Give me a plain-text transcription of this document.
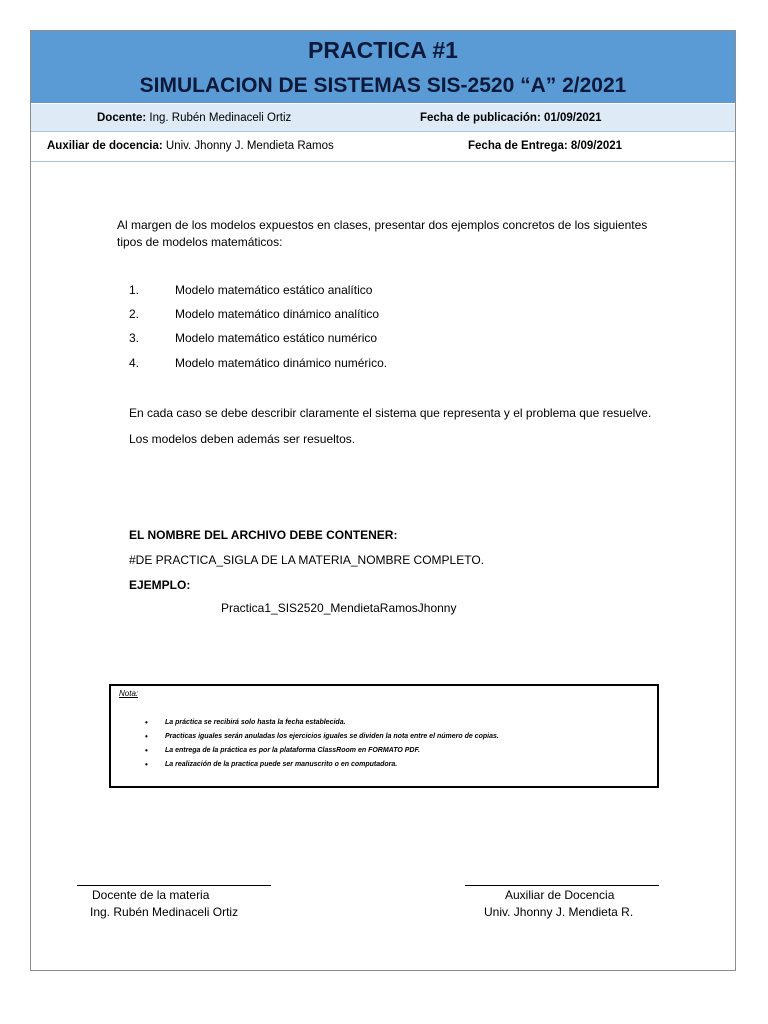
PRACTICA #1
SIMULACION DE SISTEMAS SIS-2520 “A” 2/2021
Docente: Ing. Rubén Medinaceli Ortiz	Fecha de publicación: 01/09/2021
Auxiliar de docencia: Univ. Jhonny J. Mendieta Ramos	Fecha de Entrega: 8/09/2021
Al margen de los modelos expuestos en clases, presentar dos ejemplos concretos de los siguientes
tipos de modelos matemáticos:
1.	Modelo matemático estático analítico
2.	Modelo matemático dinámico analítico
3.	Modelo matemático estático numérico
4.	Modelo matemático dinámico numérico.
En cada caso se debe describir claramente el sistema que representa y el problema que resuelve.
Los modelos deben además ser resueltos.
EL NOMBRE DEL ARCHIVO DEBE CONTENER:
#DE PRACTICA_SIGLA DE LA MATERIA_NOMBRE COMPLETO.
EJEMPLO:
Practica1_SIS2520_MendietaRamosJhonny
Nota:
• La práctica se recibirá solo hasta la fecha establecida.
• Practicas iguales serán anuladas los ejercicios iguales se dividen la nota entre el número de copias.
• La entrega de la práctica es por la plataforma ClassRoom en FORMATO PDF.
• La realización de la practica puede ser manuscrito o en computadora.
Docente de la materia
Ing. Rubén Medinaceli Ortiz
Auxiliar de Docencia
Univ. Jhonny J. Mendieta R.
